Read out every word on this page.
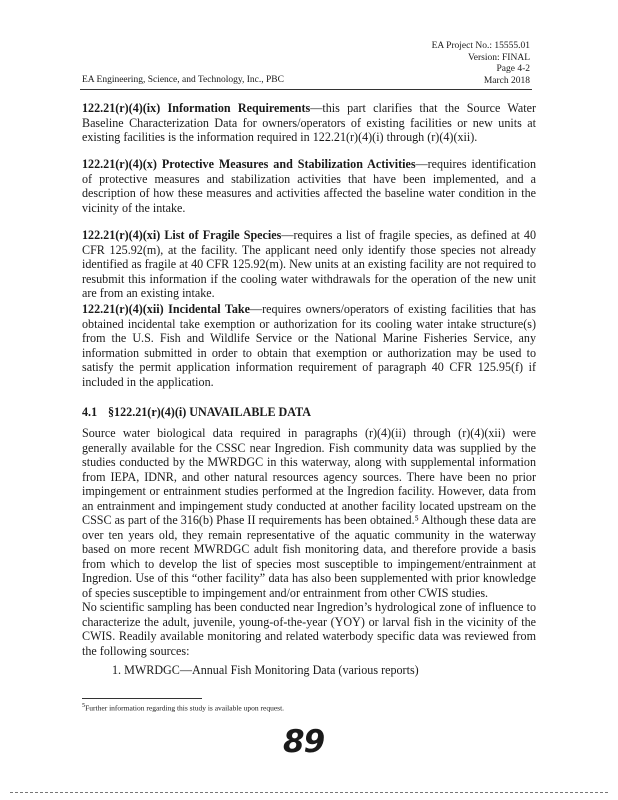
EA Project No.: 15555.01
Version: FINAL
Page 4-2
March 2018
EA Engineering, Science, and Technology, Inc., PBC

122.21(r)(4)(ix) Information Requirements—this part clarifies that the Source Water Baseline Characterization Data for owners/operators of existing facilities or new units at existing facilities is the information required in 122.21(r)(4)(i) through (r)(4)(xii).

122.21(r)(4)(x) Protective Measures and Stabilization Activities—requires identification of protective measures and stabilization activities that have been implemented, and a description of how these measures and activities affected the baseline water condition in the vicinity of the intake.

122.21(r)(4)(xi) List of Fragile Species—requires a list of fragile species, as defined at 40 CFR 125.92(m), at the facility. The applicant need only identify those species not already identified as fragile at 40 CFR 125.92(m). New units at an existing facility are not required to resubmit this information if the cooling water withdrawals for the operation of the new unit are from an existing intake.

122.21(r)(4)(xii) Incidental Take—requires owners/operators of existing facilities that has obtained incidental take exemption or authorization for its cooling water intake structure(s) from the U.S. Fish and Wildlife Service or the National Marine Fisheries Service, any information submitted in order to obtain that exemption or authorization may be used to satisfy the permit application information requirement of paragraph 40 CFR 125.95(f) if included in the application.

4.1 §122.21(r)(4)(i) UNAVAILABLE DATA

Source water biological data required in paragraphs (r)(4)(ii) through (r)(4)(xii) were generally available for the CSSC near Ingredion. Fish community data was supplied by the studies conducted by the MWRDGC in this waterway, along with supplemental information from IEPA, IDNR, and other natural resources agency sources. There have been no prior impingement or entrainment studies performed at the Ingredion facility. However, data from an entrainment and impingement study conducted at another facility located upstream on the CSSC as part of the 316(b) Phase II requirements has been obtained.⁵ Although these data are over ten years old, they remain representative of the aquatic community in the waterway based on more recent MWRDGC adult fish monitoring data, and therefore provide a basis from which to develop the list of species most susceptible to impingement/entrainment at Ingredion. Use of this “other facility” data has also been supplemented with prior knowledge of species susceptible to impingement and/or entrainment from other CWIS studies.

No scientific sampling has been conducted near Ingredion’s hydrological zone of influence to characterize the adult, juvenile, young-of-the-year (YOY) or larval fish in the vicinity of the CWIS. Readily available monitoring and related waterbody specific data was reviewed from the following sources:

1. MWRDGC—Annual Fish Monitoring Data (various reports)
$^5$Further information regarding this study is available upon request.
89
